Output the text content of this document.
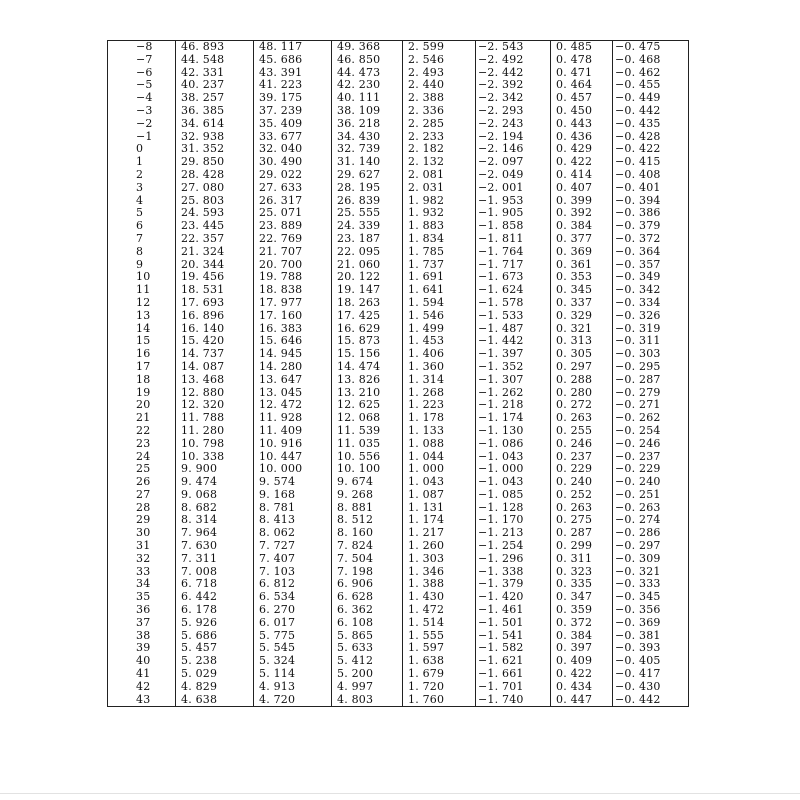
−8	46. 893	48. 117	49. 368	2. 599	−2. 543	0. 485	−0. 475
−7	44. 548	45. 686	46. 850	2. 546	−2. 492	0. 478	−0. 468
−6	42. 331	43. 391	44. 473	2. 493	−2. 442	0. 471	−0. 462
−5	40. 237	41. 223	42. 230	2. 440	−2. 392	0. 464	−0. 455
−4	38. 257	39. 175	40. 111	2. 388	−2. 342	0. 457	−0. 449
−3	36. 385	37. 239	38. 109	2. 336	−2. 293	0. 450	−0. 442
−2	34. 614	35. 409	36. 218	2. 285	−2. 243	0. 443	−0. 435
−1	32. 938	33. 677	34. 430	2. 233	−2. 194	0. 436	−0. 428
0	31. 352	32. 040	32. 739	2. 182	−2. 146	0. 429	−0. 422
1	29. 850	30. 490	31. 140	2. 132	−2. 097	0. 422	−0. 415
2	28. 428	29. 022	29. 627	2. 081	−2. 049	0. 414	−0. 408
3	27. 080	27. 633	28. 195	2. 031	−2. 001	0. 407	−0. 401
4	25. 803	26. 317	26. 839	1. 982	−1. 953	0. 399	−0. 394
5	24. 593	25. 071	25. 555	1. 932	−1. 905	0. 392	−0. 386
6	23. 445	23. 889	24. 339	1. 883	−1. 858	0. 384	−0. 379
7	22. 357	22. 769	23. 187	1. 834	−1. 811	0. 377	−0. 372
8	21. 324	21. 707	22. 095	1. 785	−1. 764	0. 369	−0. 364
9	20. 344	20. 700	21. 060	1. 737	−1. 717	0. 361	−0. 357
10	19. 456	19. 788	20. 122	1. 691	−1. 673	0. 353	−0. 349
11	18. 531	18. 838	19. 147	1. 641	−1. 624	0. 345	−0. 342
12	17. 693	17. 977	18. 263	1. 594	−1. 578	0. 337	−0. 334
13	16. 896	17. 160	17. 425	1. 546	−1. 533	0. 329	−0. 326
14	16. 140	16. 383	16. 629	1. 499	−1. 487	0. 321	−0. 319
15	15. 420	15. 646	15. 873	1. 453	−1. 442	0. 313	−0. 311
16	14. 737	14. 945	15. 156	1. 406	−1. 397	0. 305	−0. 303
17	14. 087	14. 280	14. 474	1. 360	−1. 352	0. 297	−0. 295
18	13. 468	13. 647	13. 826	1. 314	−1. 307	0. 288	−0. 287
19	12. 880	13. 045	13. 210	1. 268	−1. 262	0. 280	−0. 279
20	12. 320	12. 472	12. 625	1. 223	−1. 218	0. 272	−0. 271
21	11. 788	11. 928	12. 068	1. 178	−1. 174	0. 263	−0. 262
22	11. 280	11. 409	11. 539	1. 133	−1. 130	0. 255	−0. 254
23	10. 798	10. 916	11. 035	1. 088	−1. 086	0. 246	−0. 246
24	10. 338	10. 447	10. 556	1. 044	−1. 043	0. 237	−0. 237
25	9. 900	10. 000	10. 100	1. 000	−1. 000	0. 229	−0. 229
26	9. 474	9. 574	9. 674	1. 043	−1. 043	0. 240	−0. 240
27	9. 068	9. 168	9. 268	1. 087	−1. 085	0. 252	−0. 251
28	8. 682	8. 781	8. 881	1. 131	−1. 128	0. 263	−0. 263
29	8. 314	8. 413	8. 512	1. 174	−1. 170	0. 275	−0. 274
30	7. 964	8. 062	8. 160	1. 217	−1. 213	0. 287	−0. 286
31	7. 630	7. 727	7. 824	1. 260	−1. 254	0. 299	−0. 297
32	7. 311	7. 407	7. 504	1. 303	−1. 296	0. 311	−0. 309
33	7. 008	7. 103	7. 198	1. 346	−1. 338	0. 323	−0. 321
34	6. 718	6. 812	6. 906	1. 388	−1. 379	0. 335	−0. 333
35	6. 442	6. 534	6. 628	1. 430	−1. 420	0. 347	−0. 345
36	6. 178	6. 270	6. 362	1. 472	−1. 461	0. 359	−0. 356
37	5. 926	6. 017	6. 108	1. 514	−1. 501	0. 372	−0. 369
38	5. 686	5. 775	5. 865	1. 555	−1. 541	0. 384	−0. 381
39	5. 457	5. 545	5. 633	1. 597	−1. 582	0. 397	−0. 393
40	5. 238	5. 324	5. 412	1. 638	−1. 621	0. 409	−0. 405
41	5. 029	5. 114	5. 200	1. 679	−1. 661	0. 422	−0. 417
42	4. 829	4. 913	4. 997	1. 720	−1. 701	0. 434	−0. 430
43	4. 638	4. 720	4. 803	1. 760	−1. 740	0. 447	−0. 442
